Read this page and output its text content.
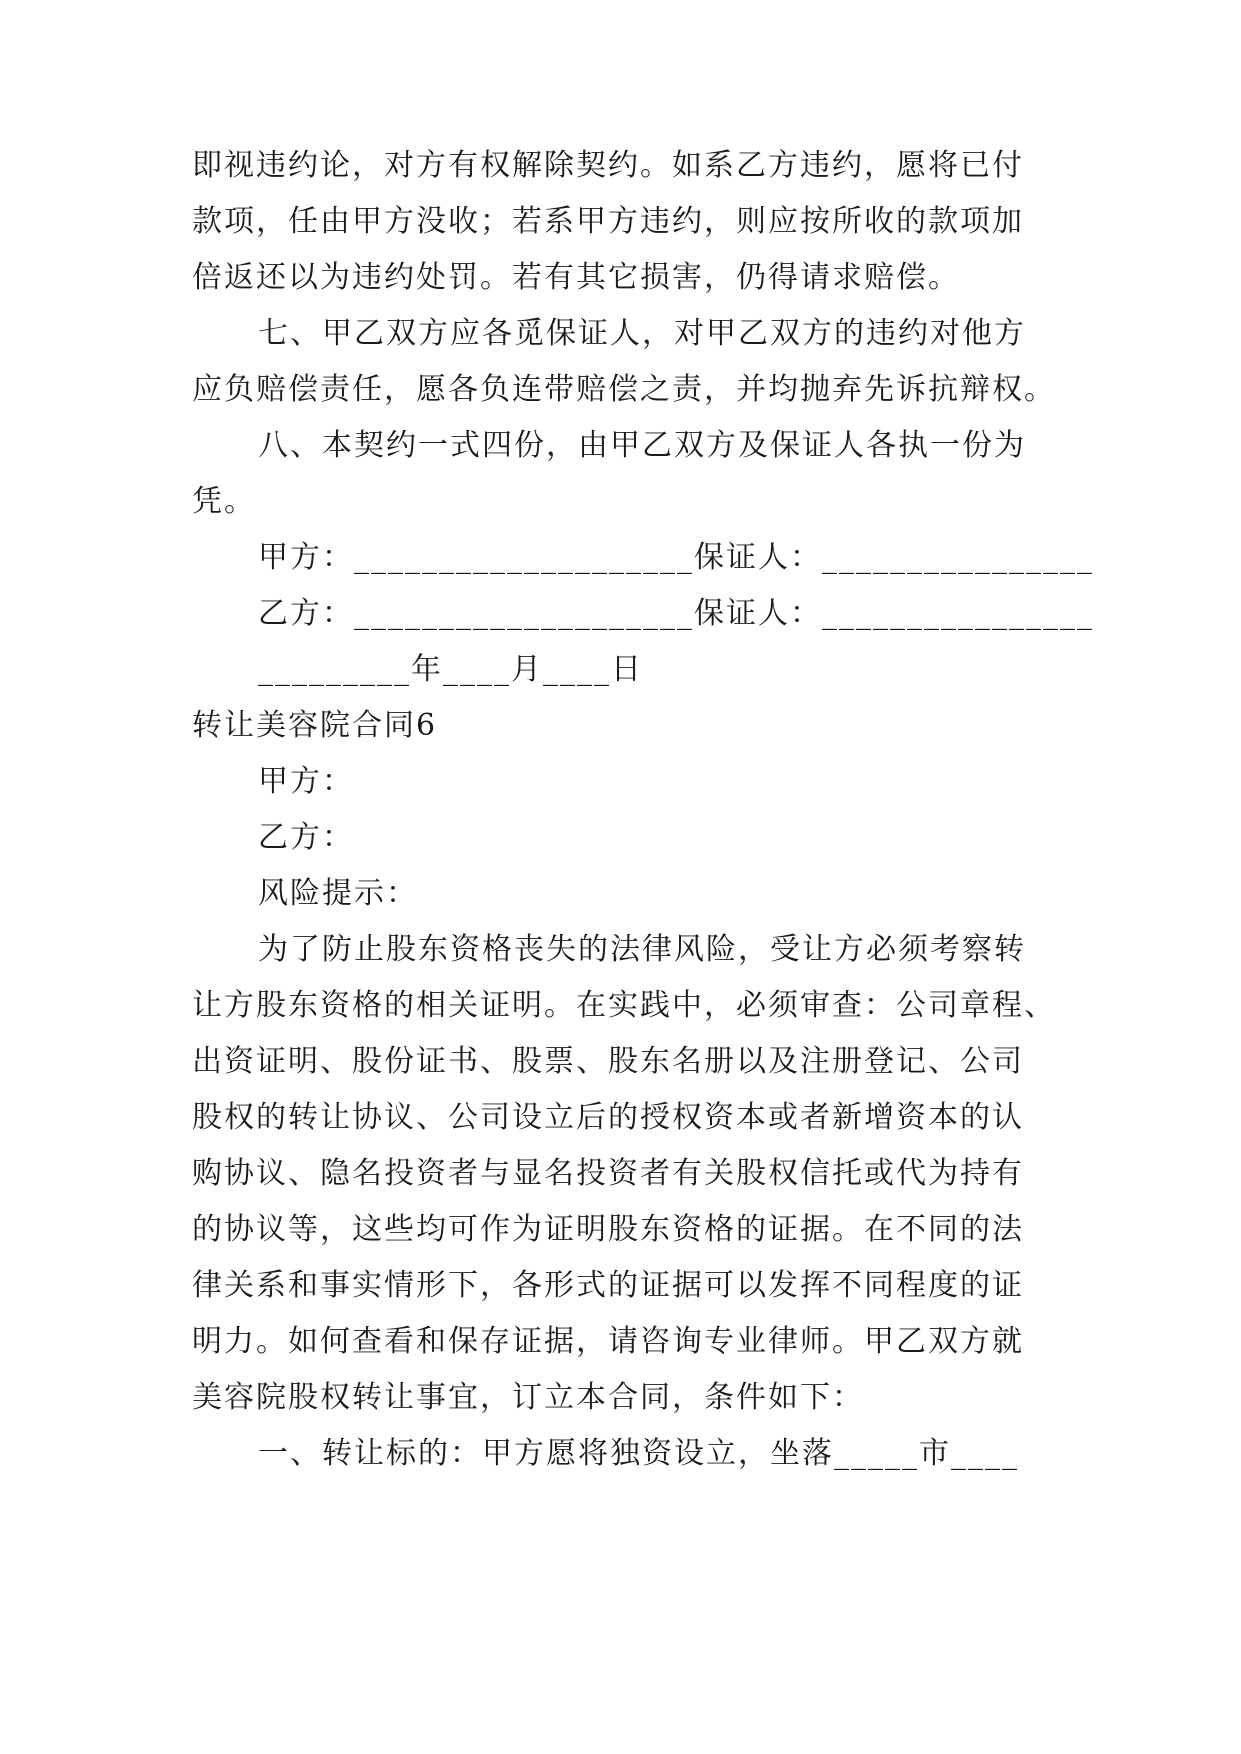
即视违约论，对方有权解除契约。如系乙方违约，愿将已付
款项，任由甲方没收；若系甲方违约，则应按所收的款项加
倍返还以为违约处罚。若有其它损害，仍得请求赔偿。
七、甲乙双方应各觅保证人，对甲乙双方的违约对他方
应负赔偿责任，愿各负连带赔偿之责，并均抛弃先诉抗辩权。
八、本契约一式四份，由甲乙双方及保证人各执一份为
凭。
甲方：____________________保证人：________________
乙方：____________________保证人：________________
_________年____月____日
转让美容院合同6
甲方：
乙方：
风险提示：
为了防止股东资格丧失的法律风险，受让方必须考察转
让方股东资格的相关证明。在实践中，必须审查：公司章程、
出资证明、股份证书、股票、股东名册以及注册登记、公司
股权的转让协议、公司设立后的授权资本或者新增资本的认
购协议、隐名投资者与显名投资者有关股权信托或代为持有
的协议等，这些均可作为证明股东资格的证据。在不同的法
律关系和事实情形下，各形式的证据可以发挥不同程度的证
明力。如何查看和保存证据，请咨询专业律师。甲乙双方就
美容院股权转让事宜，订立本合同，条件如下：
一、转让标的：甲方愿将独资设立，坐落_____市____
